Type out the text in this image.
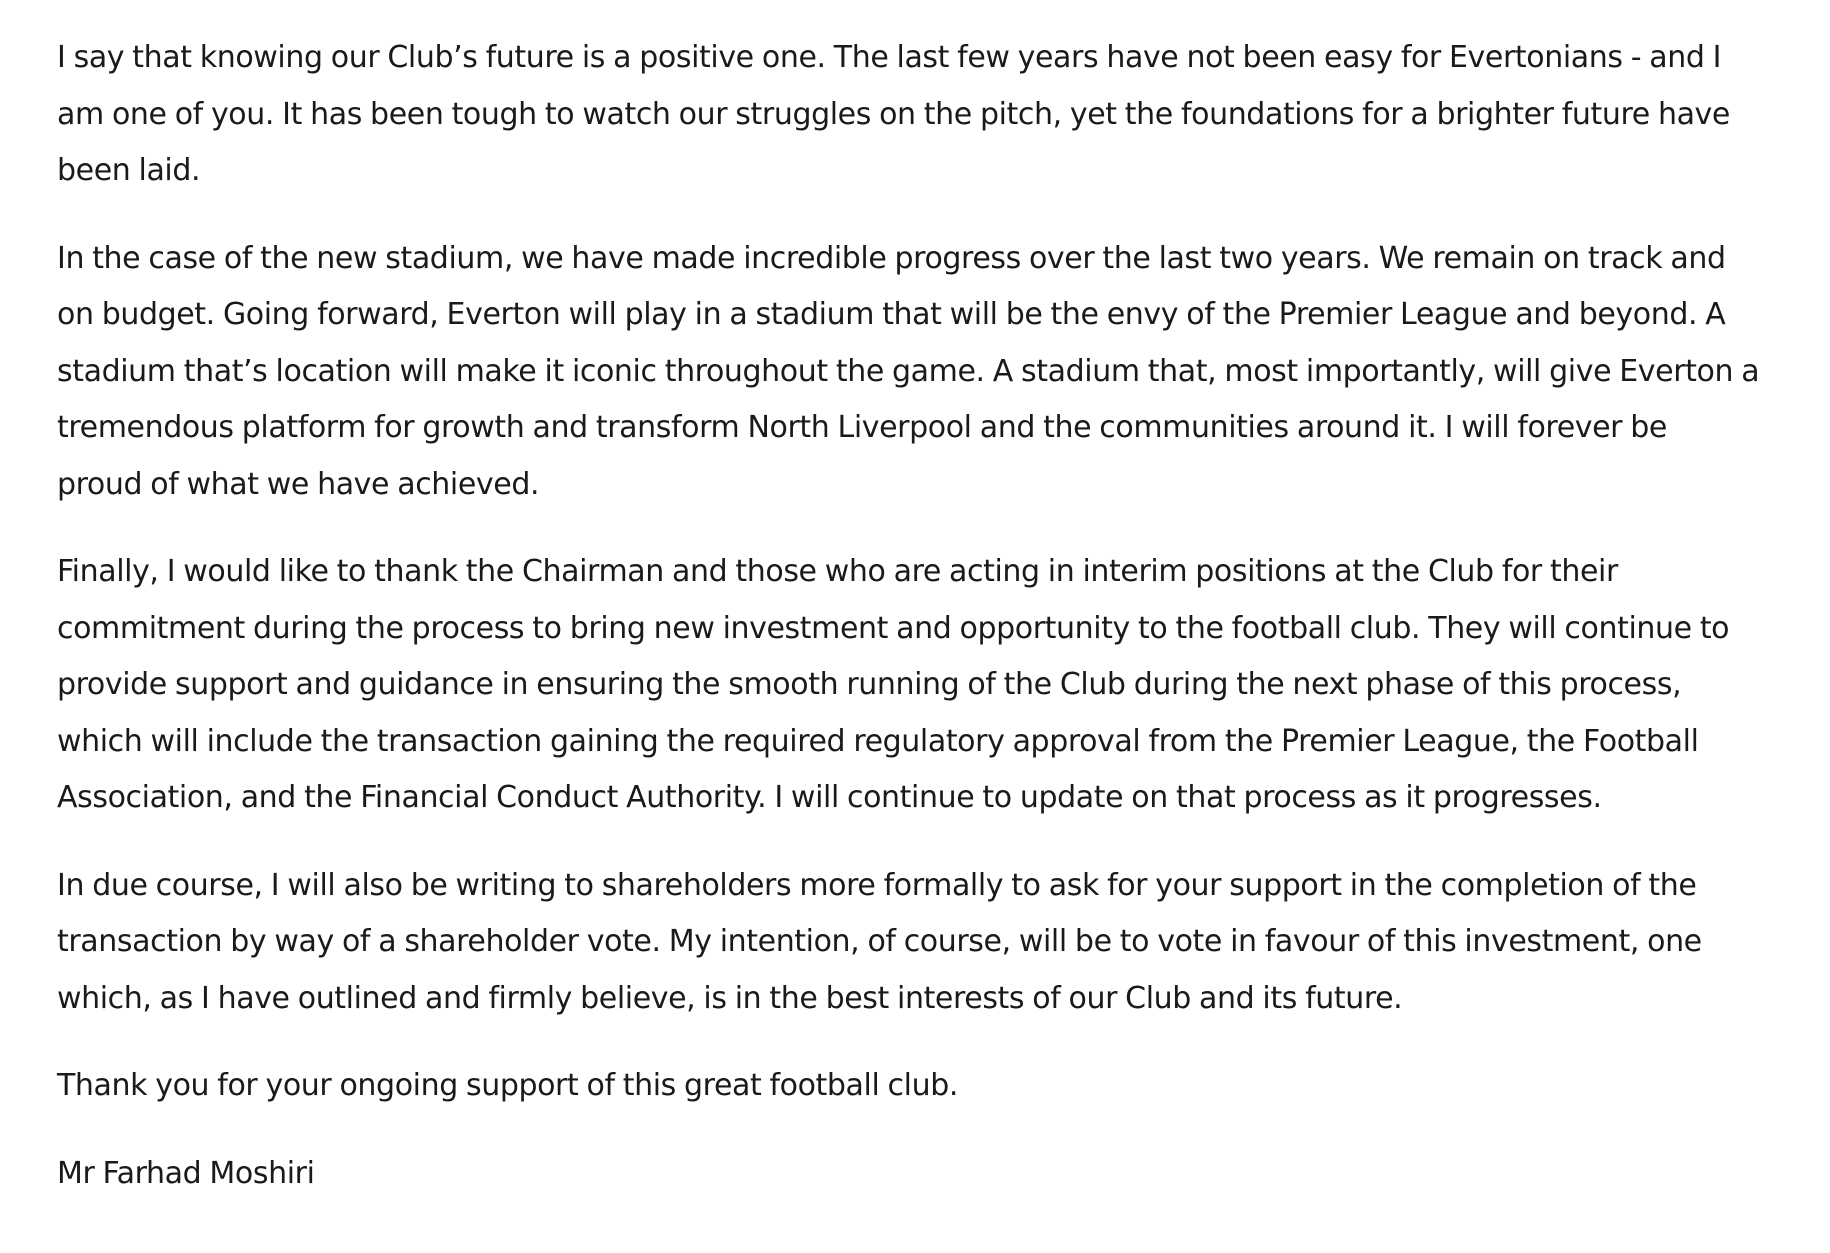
I say that knowing our Club’s future is a positive one. The last few years have not been easy for Evertonians - and I
am one of you. It has been tough to watch our struggles on the pitch, yet the foundations for a brighter future have
been laid.

In the case of the new stadium, we have made incredible progress over the last two years. We remain on track and
on budget. Going forward, Everton will play in a stadium that will be the envy of the Premier League and beyond. A
stadium that’s location will make it iconic throughout the game. A stadium that, most importantly, will give Everton a
tremendous platform for growth and transform North Liverpool and the communities around it. I will forever be
proud of what we have achieved.

Finally, I would like to thank the Chairman and those who are acting in interim positions at the Club for their
commitment during the process to bring new investment and opportunity to the football club. They will continue to
provide support and guidance in ensuring the smooth running of the Club during the next phase of this process,
which will include the transaction gaining the required regulatory approval from the Premier League, the Football
Association, and the Financial Conduct Authority. I will continue to update on that process as it progresses.

In due course, I will also be writing to shareholders more formally to ask for your support in the completion of the
transaction by way of a shareholder vote. My intention, of course, will be to vote in favour of this investment, one
which, as I have outlined and firmly believe, is in the best interests of our Club and its future.

Thank you for your ongoing support of this great football club.

Mr Farhad Moshiri
